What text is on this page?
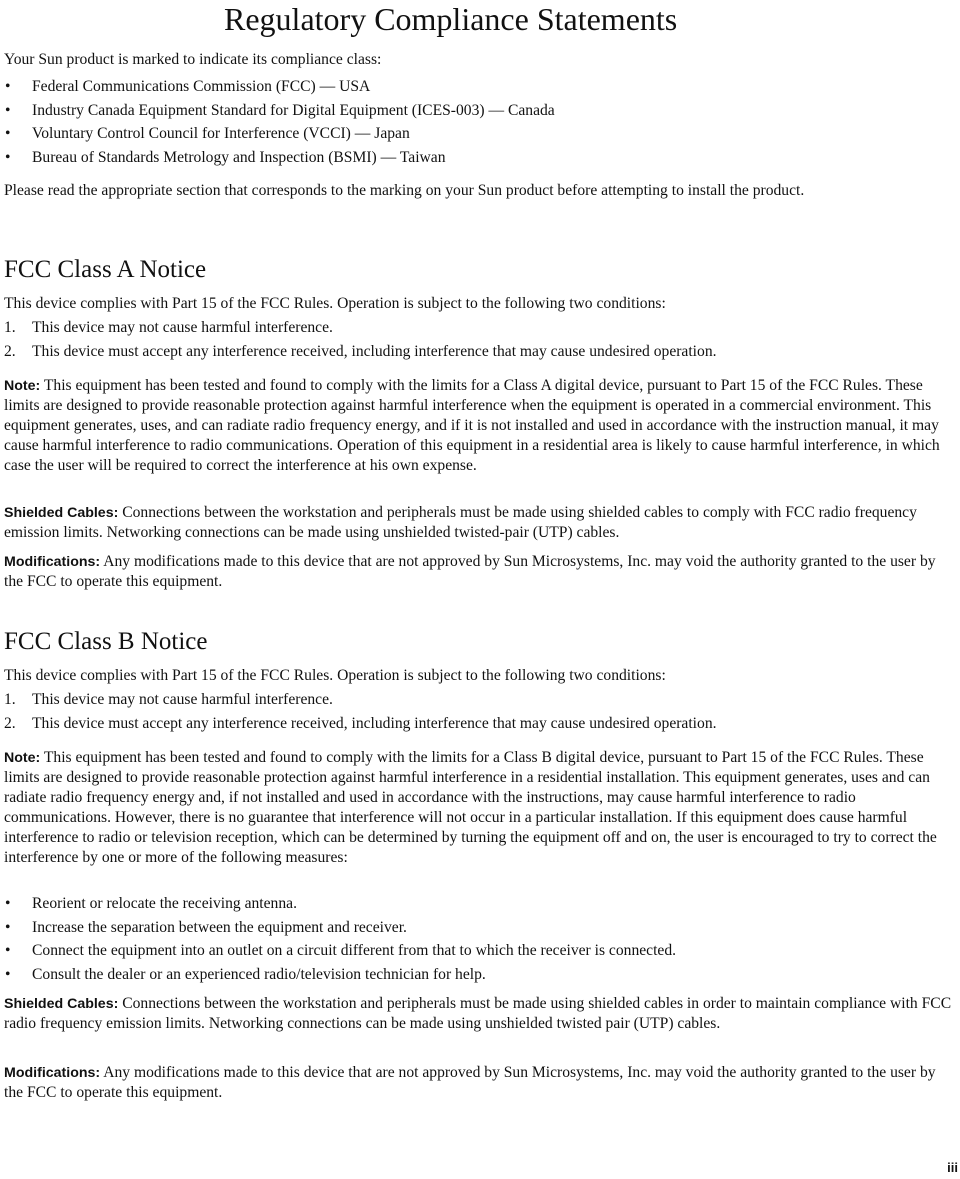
Regulatory Compliance Statements

Your Sun product is marked to indicate its compliance class:

• Federal Communications Commission (FCC) — USA
• Industry Canada Equipment Standard for Digital Equipment (ICES-003) — Canada
• Voluntary Control Council for Interference (VCCI) — Japan
• Bureau of Standards Metrology and Inspection (BSMI) — Taiwan

Please read the appropriate section that corresponds to the marking on your Sun product before attempting to install the product.

FCC Class A Notice

This device complies with Part 15 of the FCC Rules. Operation is subject to the following two conditions:

1. This device may not cause harmful interference.
2. This device must accept any interference received, including interference that may cause undesired operation.

Note: This equipment has been tested and found to comply with the limits for a Class A digital device, pursuant to Part 15 of the FCC Rules. These limits are designed to provide reasonable protection against harmful interference when the equipment is operated in a commercial environment. This equipment generates, uses, and can radiate radio frequency energy, and if it is not installed and used in accordance with the instruction manual, it may cause harmful interference to radio communications. Operation of this equipment in a residential area is likely to cause harmful interference, in which case the user will be required to correct the interference at his own expense.

Shielded Cables: Connections between the workstation and peripherals must be made using shielded cables to comply with FCC radio frequency emission limits. Networking connections can be made using unshielded twisted-pair (UTP) cables.

Modifications: Any modifications made to this device that are not approved by Sun Microsystems, Inc. may void the authority granted to the user by the FCC to operate this equipment.

FCC Class B Notice

This device complies with Part 15 of the FCC Rules. Operation is subject to the following two conditions:

1. This device may not cause harmful interference.
2. This device must accept any interference received, including interference that may cause undesired operation.

Note: This equipment has been tested and found to comply with the limits for a Class B digital device, pursuant to Part 15 of the FCC Rules. These limits are designed to provide reasonable protection against harmful interference in a residential installation. This equipment generates, uses and can radiate radio frequency energy and, if not installed and used in accordance with the instructions, may cause harmful interference to radio communications. However, there is no guarantee that interference will not occur in a particular installation. If this equipment does cause harmful interference to radio or television reception, which can be determined by turning the equipment off and on, the user is encouraged to try to correct the interference by one or more of the following measures:

• Reorient or relocate the receiving antenna.
• Increase the separation between the equipment and receiver.
• Connect the equipment into an outlet on a circuit different from that to which the receiver is connected.
• Consult the dealer or an experienced radio/television technician for help.

Shielded Cables: Connections between the workstation and peripherals must be made using shielded cables in order to maintain compliance with FCC radio frequency emission limits. Networking connections can be made using unshielded twisted pair (UTP) cables.

Modifications: Any modifications made to this device that are not approved by Sun Microsystems, Inc. may void the authority granted to the user by the FCC to operate this equipment.

iii
